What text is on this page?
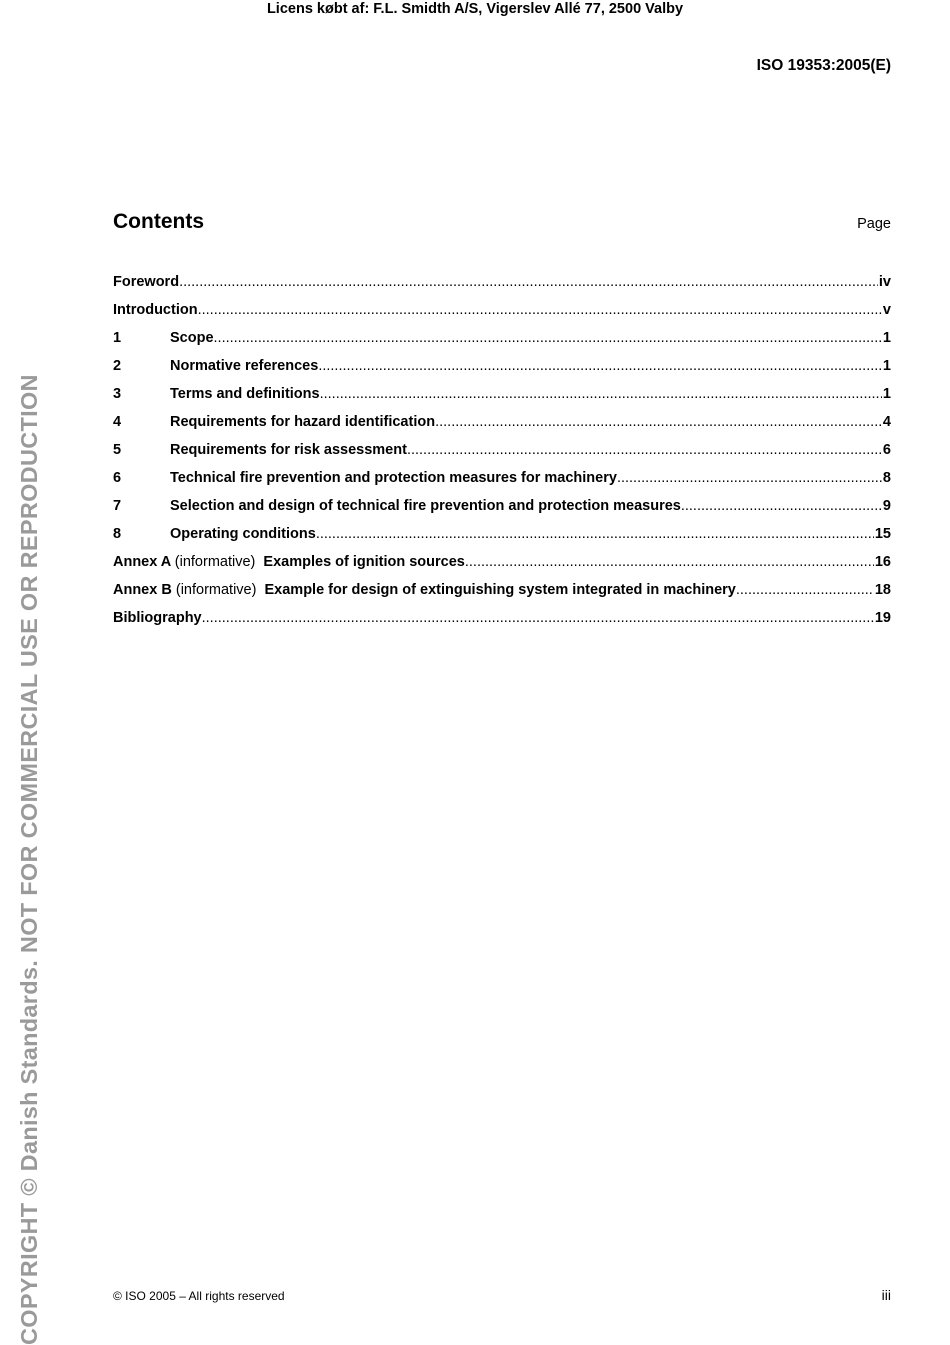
Licens købt af: F.L. Smidth A/S, Vigerslev Allé 77, 2500 Valby
ISO 19353:2005(E)
COPYRIGHT © Danish Standards. NOT FOR COMMERCIAL USE OR REPRODUCTION
Contents	Page
Foreword .....	iv
Introduction .....	v
1	Scope .....	1
2	Normative references .....	1
3	Terms and definitions .....	1
4	Requirements for hazard identification .....	4
5	Requirements for risk assessment .....	6
6	Technical fire prevention and protection measures for machinery .....	8
7	Selection and design of technical fire prevention and protection measures .....	9
8	Operating conditions .....	15
Annex A (informative) Examples of ignition sources .....	16
Annex B (informative) Example for design of extinguishing system integrated in machinery .....	18
Bibliography .....	19
© ISO 2005 – All rights reserved	iii
